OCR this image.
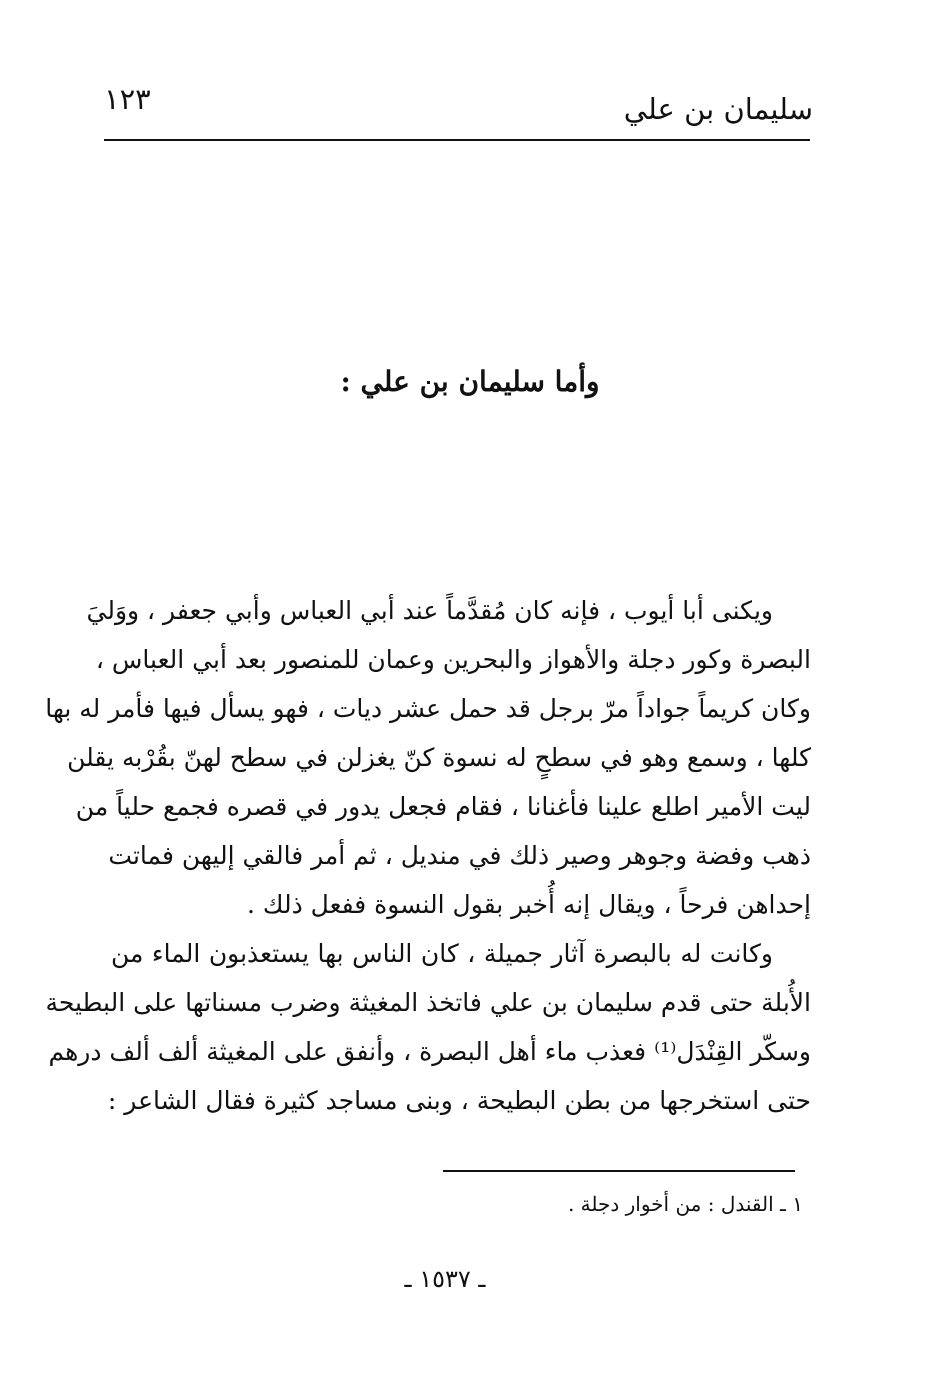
سليمان بن علي
١٢٣
وأما سليمان بن علي :
ويكنى أبا أيوب ، فإنه كان مُقدَّماً عند أبي العباس وأبي جعفر ، ووَليَ
البصرة وكور دجلة والأهواز والبحرين وعمان للمنصور بعد أبي العباس ،
وكان كريماً جواداً مرّ برجل قد حمل عشر ديات ، فهو يسأل فيها فأمر له بها
كلها ، وسمع وهو في سطحٍ له نسوة كنّ يغزلن في سطح لهنّ بقُرْبه يقلن
ليت الأمير اطلع علينا فأغنانا ، فقام فجعل يدور في قصره فجمع حلياً من
ذهب وفضة وجوهر وصير ذلك في منديل ، ثم أمر فالقي إليهن فماتت
إحداهن فرحاً ، ويقال إنه أُخبر بقول النسوة ففعل ذلك .
وكانت له بالبصرة آثار جميلة ، كان الناس بها يستعذبون الماء من
الأُبلة حتى قدم سليمان بن علي فاتخذ المغيثة وضرب مسناتها على البطيحة
وسكّر القِنْدَل⁽¹⁾ فعذب ماء أهل البصرة ، وأنفق على المغيثة ألف ألف درهم
حتى استخرجها من بطن البطيحة ، وبنى مساجد كثيرة فقال الشاعر :
١ ـ القندل : من أخوار دجلة .
ـ ١٥٣٧ ـ
